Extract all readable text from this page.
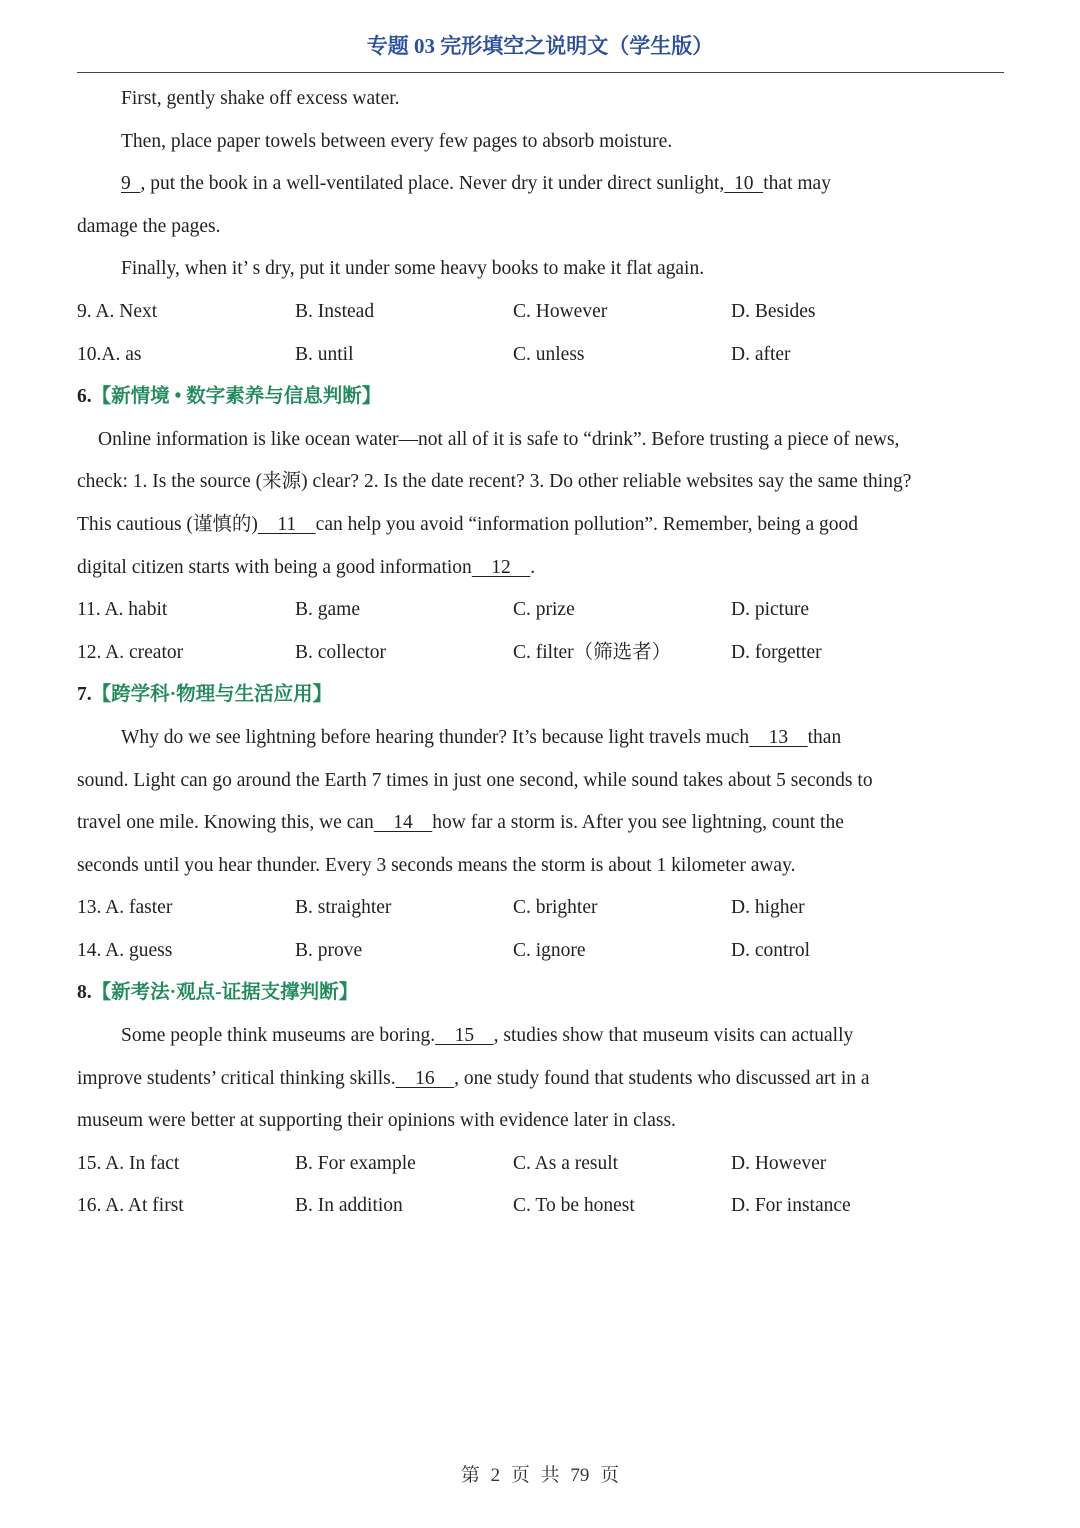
专题 03 完形填空之说明文（学生版）
First, gently shake off excess water.
Then, place paper towels between every few pages to absorb moisture.
9  , put the book in a well-ventilated place. Never dry it under direct sunlight,  10  that may
damage the pages.
Finally, when it’ s dry, put it under some heavy books to make it flat again.
9. A. Next	B. Instead	C. However	D. Besides
10.A. as	B. until	C. unless	D. after
6.【新情境 • 数字素养与信息判断】
Online information is like ocean water—not all of it is safe to “drink”. Before trusting a piece of news,
check: 1. Is the source (来源) clear? 2. Is the date recent? 3. Do other reliable websites say the same thing?
This cautious (谨慎的)    11    can help you avoid “information pollution”. Remember, being a good
digital citizen starts with being a good information    12    .
11. A. habit	B. game	C. prize	D. picture
12. A. creator	B. collector	C. filter（筛选者）	D. forgetter
7.【跨学科·物理与生活应用】
Why do we see lightning before hearing thunder? It’s because light travels much    13    than
sound. Light can go around the Earth 7 times in just one second, while sound takes about 5 seconds to
travel one mile. Knowing this, we can    14    how far a storm is. After you see lightning, count the
seconds until you hear thunder. Every 3 seconds means the storm is about 1 kilometer away.
13. A. faster	B. straighter	C. brighter	D. higher
14. A. guess	B. prove	C. ignore	D. control
8.【新考法·观点-证据支撑判断】
Some people think museums are boring.    15    , studies show that museum visits can actually
improve students’ critical thinking skills.    16    , one study found that students who discussed art in a
museum were better at supporting their opinions with evidence later in class.
15. A. In fact	B. For example	C. As a result	D. However
16. A. At first	B. In addition	C. To be honest	D. For instance
第 2 页 共 79 页
